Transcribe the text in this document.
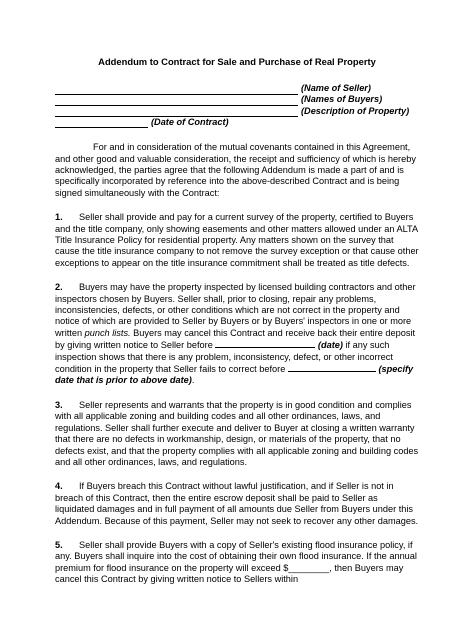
Addendum to Contract for Sale and Purchase of Real Property
(Name of Seller)
(Names of Buyers)
(Description of Property)
(Date of Contract)

For and in consideration of the mutual covenants contained in this Agreement, and other good and valuable consideration, the receipt and sufficiency of which is hereby acknowledged, the parties agree that the following Addendum is made a part of and is specifically incorporated by reference into the above-described Contract and is being signed simultaneously with the Contract:

1. Seller shall provide and pay for a current survey of the property, certified to Buyers and the title company, only showing easements and other matters allowed under an ALTA Title Insurance Policy for residential property. Any matters shown on the survey that cause the title insurance company to not remove the survey exception or that cause other exceptions to appear on the title insurance commitment shall be treated as title defects.

2. Buyers may have the property inspected by licensed building contractors and other inspectors chosen by Buyers. Seller shall, prior to closing, repair any problems, inconsistencies, defects, or other conditions which are not correct in the property and notice of which are provided to Seller by Buyers or by Buyers' inspectors in one or more written punch lists. Buyers may cancel this Contract and receive back their entire deposit by giving written notice to Seller before	(date) if any such inspection shows that there is any problem, inconsistency, defect, or other incorrect condition in the property that Seller fails to correct before	(specify date that is prior to above date).

3. Seller represents and warrants that the property is in good condition and complies with all applicable zoning and building codes and all other ordinances, laws, and regulations. Seller shall further execute and deliver to Buyer at closing a written warranty that there are no defects in workmanship, design, or materials of the property, that no defects exist, and that the property complies with all applicable zoning and building codes and all other ordinances, laws, and regulations.

4. If Buyers breach this Contract without lawful justification, and if Seller is not in breach of this Contract, then the entire escrow deposit shall be paid to Seller as liquidated damages and in full payment of all amounts due Seller from Buyers under this Addendum. Because of this payment, Seller may not seek to recover any other damages.

5. Seller shall provide Buyers with a copy of Seller's existing flood insurance policy, if any. Buyers shall inquire into the cost of obtaining their own flood insurance. If the annual premium for flood insurance on the property will exceed $________, then Buyers may cancel this Contract by giving written notice to Sellers within
